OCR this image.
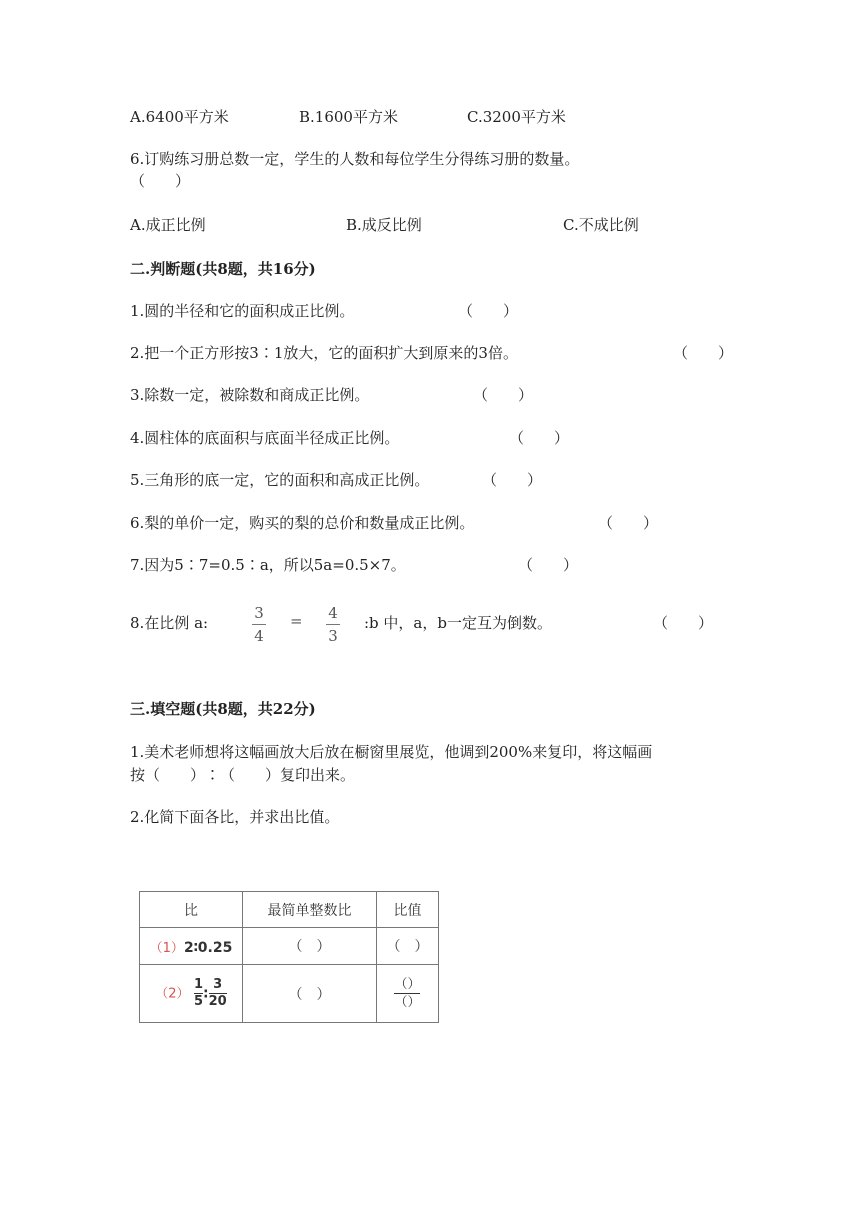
A.6400平方米	B.1600平方米	C.3200平方米
6.订购练习册总数一定，学生的人数和每位学生分得练习册的数量。
（　　）
A.成正比例	B.成反比例	C.不成比例
二.判断题(共8题，共16分)
1.圆的半径和它的面积成正比例。	（　　）
2.把一个正方形按3∶1放大，它的面积扩大到原来的3倍。	（　　）
3.除数一定，被除数和商成正比例。	（　　）
4.圆柱体的底面积与底面半径成正比例。	（　　）
5.三角形的底一定，它的面积和高成正比例。	（　　）
6.梨的单价一定，购买的梨的总价和数量成正比例。	（　　）
7.因为5∶7=0.5∶a，所以5a=0.5×7。	（　　）
8.在比例 a:
3
4
= 4
3
:b 中，a，b一定互为倒数。	（　　）
三.填空题(共8题，共22分)
1.美术老师想将这幅画放大后放在橱窗里展览，他调到200%来复印，将这幅画
按（　　）∶（　　）复印出来。
2.化简下面各比，并求出比值。
比	最简单整数比	比值
（1）2∶0.25	（　）	（　）
$(2) \frac{1}{5}:\frac{3}{20}$	（　）	$\frac{()}{()}$
